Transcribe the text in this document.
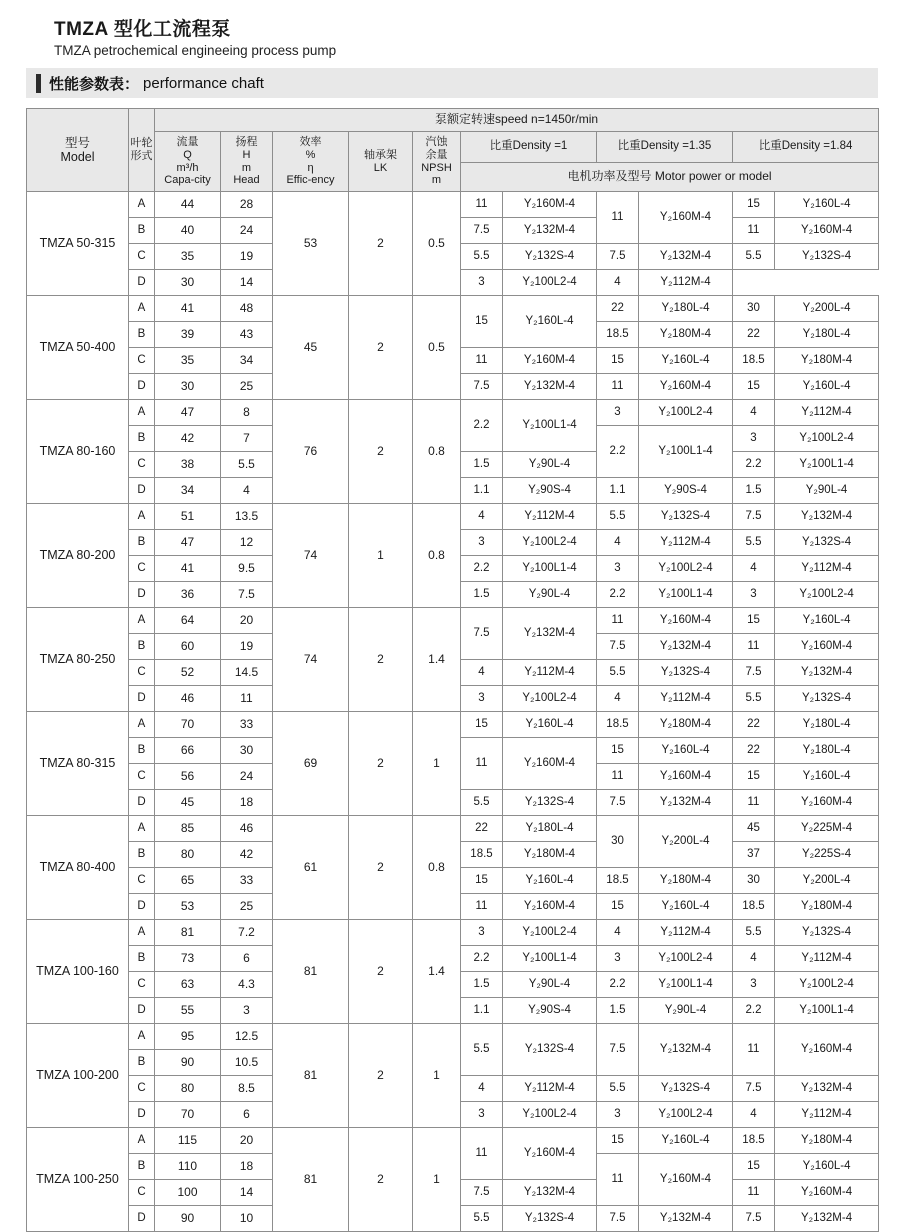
TMZA 型化工流程泵
TMZA petrochemical engineeing process pump
性能参数表： performance chaft
型号
Model	叶轮
形式	泵额定转速speed n=1450r/min										

		流量
Q
m³/h
Capa-city	扬程
H
m
Head	效率
%
η
Effic-ency	轴承架
LK	汽蚀
余量
NPSH
m	比重Density =1		比重Density =1.35		比重Density =1.84	
							电机功率及型号 Motor power or model					
TMZA 50-315	A	44	28	53	2	0.5	11	Y₂160M-4	11	Y₂160M-4	15	Y₂160L-4
	B	40	24				7.5	Y₂132M-4			11	Y₂160M-4
	C	35	19				5.5	Y₂132S-4	7.5	Y₂132M-4	5.5	Y₂132S-4
	D	30	14				3	Y₂100L2-4	4	Y₂112M-4		
TMZA 50-400	A	41	48	45	2	0.5	15	Y₂160L-4	22	Y₂180L-4	30	Y₂200L-4
	B	39	43						18.5	Y₂180M-4	22	Y₂180L-4
	C	35	34				11	Y₂160M-4	15	Y₂160L-4	18.5	Y₂180M-4
	D	30	25				7.5	Y₂132M-4	11	Y₂160M-4	15	Y₂160L-4
TMZA 80-160	A	47	8	76	2	0.8	2.2	Y₂100L1-4	3	Y₂100L2-4	4	Y₂112M-4
	B	42	7						2.2	Y₂100L1-4	3	Y₂100L2-4
	C	38	5.5				1.5	Y₂90L-4			2.2	Y₂100L1-4
	D	34	4				1.1	Y₂90S-4	1.1	Y₂90S-4	1.5	Y₂90L-4
TMZA 80-200	A	51	13.5	74	1	0.8	4	Y₂112M-4	5.5	Y₂132S-4	7.5	Y₂132M-4
	B	47	12				3	Y₂100L2-4	4	Y₂112M-4	5.5	Y₂132S-4
	C	41	9.5				2.2	Y₂100L1-4	3	Y₂100L2-4	4	Y₂112M-4
	D	36	7.5				1.5	Y₂90L-4	2.2	Y₂100L1-4	3	Y₂100L2-4
TMZA 80-250	A	64	20	74	2	1.4	7.5	Y₂132M-4	11	Y₂160M-4	15	Y₂160L-4
	B	60	19						7.5	Y₂132M-4	11	Y₂160M-4
	C	52	14.5				4	Y₂112M-4	5.5	Y₂132S-4	7.5	Y₂132M-4
	D	46	11				3	Y₂100L2-4	4	Y₂112M-4	5.5	Y₂132S-4
TMZA 80-315	A	70	33	69	2	1	15	Y₂160L-4	18.5	Y₂180M-4	22	Y₂180L-4
	B	66	30				11	Y₂160M-4	15	Y₂160L-4	22	Y₂180L-4
	C	56	24						11	Y₂160M-4	15	Y₂160L-4
	D	45	18				5.5	Y₂132S-4	7.5	Y₂132M-4	11	Y₂160M-4
TMZA 80-400	A	85	46	61	2	0.8	22	Y₂180L-4	30	Y₂200L-4	45	Y₂225M-4
	B	80	42				18.5	Y₂180M-4			37	Y₂225S-4
	C	65	33				15	Y₂160L-4	18.5	Y₂180M-4	30	Y₂200L-4
	D	53	25				11	Y₂160M-4	15	Y₂160L-4	18.5	Y₂180M-4
TMZA 100-160	A	81	7.2	81	2	1.4	3	Y₂100L2-4	4	Y₂112M-4	5.5	Y₂132S-4
	B	73	6				2.2	Y₂100L1-4	3	Y₂100L2-4	4	Y₂112M-4
	C	63	4.3				1.5	Y₂90L-4	2.2	Y₂100L1-4	3	Y₂100L2-4
	D	55	3				1.1	Y₂90S-4	1.5	Y₂90L-4	2.2	Y₂100L1-4
TMZA 100-200	A	95	12.5	81	2	1	5.5	Y₂132S-4	7.5	Y₂132M-4	11	Y₂160M-4
	B	90	10.5									
	C	80	8.5				4	Y₂112M-4	5.5	Y₂132S-4	7.5	Y₂132M-4
	D	70	6				3	Y₂100L2-4	3	Y₂100L2-4	4	Y₂112M-4
TMZA 100-250	A	115	20	81	2	1	11	Y₂160M-4	15	Y₂160L-4	18.5	Y₂180M-4
	B	110	18						11	Y₂160M-4	15	Y₂160L-4
	C	100	14				7.5	Y₂132M-4			11	Y₂160M-4
	D	90	10				5.5	Y₂132S-4	7.5	Y₂132M-4	7.5	Y₂132M-4
